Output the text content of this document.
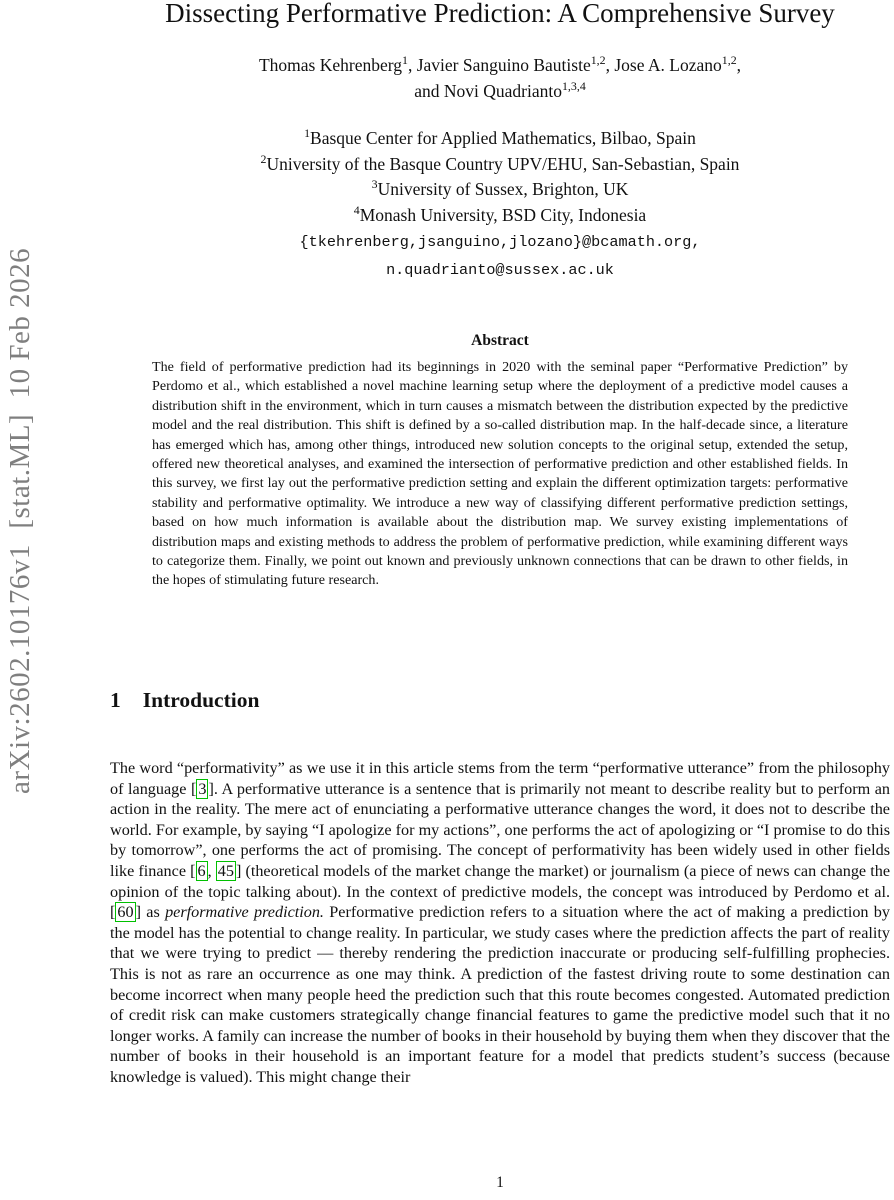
arXiv:2602.10176v1  [stat.ML]  10 Feb 2026
Dissecting Performative Prediction: A Comprehensive Survey
Thomas Kehrenberg$^1$, Javier Sanguino Bautiste$^{1,2}$, Jose A. Lozano$^{1,2}$,
and Novi Quadrianto$^{1,3,4}$
$^1$Basque Center for Applied Mathematics, Bilbao, Spain
$^2$University of the Basque Country UPV/EHU, San-Sebastian, Spain
$^3$University of Sussex, Brighton, UK
$^4$Monash University, BSD City, Indonesia
{tkehrenberg,jsanguino,jlozano}@bcamath.org,
n.quadrianto@sussex.ac.uk
Abstract
The field of performative prediction had its beginnings in 2020 with the seminal paper “Performative Prediction” by Perdomo et al., which established a novel machine learning setup where the deployment of a predictive model causes a distribution shift in the environment, which in turn causes a mismatch between the distribution expected by the predictive model and the real distribution. This shift is defined by a so-called distribution map. In the half-decade since, a literature has emerged which has, among other things, introduced new solution concepts to the original setup, extended the setup, offered new theoretical analyses, and examined the intersection of performative prediction and other established fields. In this survey, we first lay out the performative prediction setting and explain the different optimization targets: performative stability and performative optimality. We introduce a new way of classifying different performative prediction settings, based on how much information is available about the distribution map. We survey existing implementations of distribution maps and existing methods to address the problem of performative prediction, while examining different ways to categorize them. Finally, we point out known and previously unknown connections that can be drawn to other fields, in the hopes of stimulating future research.
1 Introduction
The word “performativity” as we use it in this article stems from the term “performative utterance” from the philosophy of language [ 3 ]. A performative utterance is a sentence that is primarily not meant to describe reality but to perform an action in the reality. The mere act of enunciating a performative utterance changes the word, it does not to describe the world. For example, by saying “I apologize for my actions”, one performs the act of apologizing or “I promise to do this by tomorrow”, one performs the act of promising. The concept of performativity has been widely used in other fields like finance [ 6 , 45 ] (theoretical models of the market change the market) or journalism (a piece of news can change the opinion of the topic talking about). In the context of predictive models, the concept was introduced by Perdomo et al. [ 60 ] as performative prediction. Performative prediction refers to a situation where the act of making a prediction by the model has the potential to change reality. In particular, we study cases where the prediction affects the part of reality that we were trying to predict — thereby rendering the prediction inaccurate or producing self-fulfilling prophecies. This is not as rare an occurrence as one may think. A prediction of the fastest driving route to some destination can become incorrect when many people heed the prediction such that this route becomes congested. Automated prediction of credit risk can make customers strategically change financial features to game the predictive model such that it no longer works. A family can increase the number of books in their household by buying them when they discover that the number of books in their household is an important feature for a model that predicts student’s success (because knowledge is valued). This might change their
1
